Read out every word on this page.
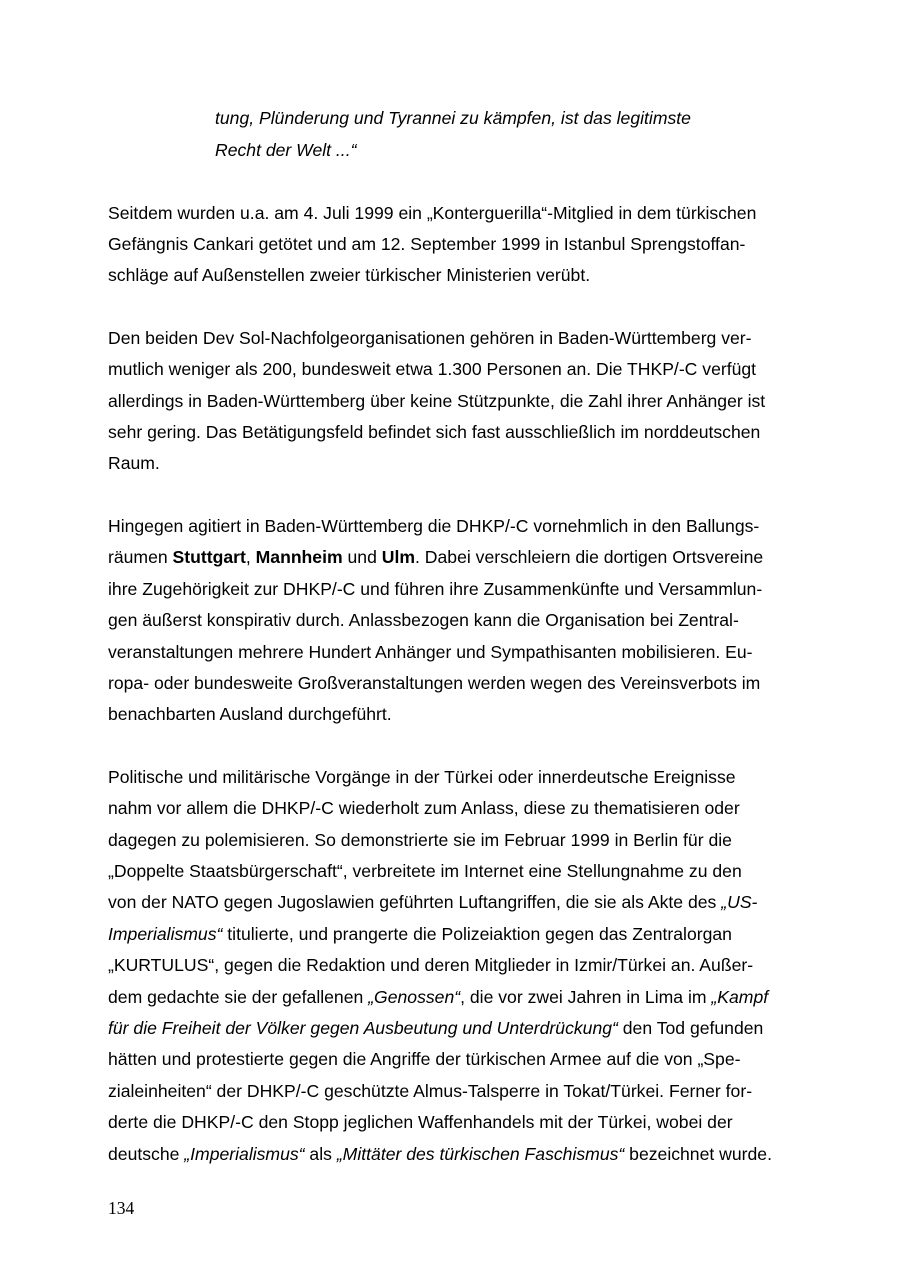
tung, Plünderung und Tyrannei zu kämpfen, ist das legitimste

Recht der Welt ...“

Seitdem wurden u.a. am 4. Juli 1999 ein „Konterguerilla“-Mitglied in dem türkischen

Gefängnis Cankari getötet und am 12. September 1999 in Istanbul Sprengstoffan-

schläge auf Außenstellen zweier türkischer Ministerien verübt.

Den beiden Dev Sol-Nachfolgeorganisationen gehören in Baden-Württemberg ver-

mutlich weniger als 200, bundesweit etwa 1.300 Personen an. Die THKP/-C verfügt

allerdings in Baden-Württemberg über keine Stützpunkte, die Zahl ihrer Anhänger ist

sehr gering. Das Betätigungsfeld befindet sich fast ausschließlich im norddeutschen

Raum.

Hingegen agitiert in Baden-Württemberg die DHKP/-C vornehmlich in den Ballungs-

räumen Stuttgart, Mannheim und Ulm. Dabei verschleiern die dortigen Ortsvereine

ihre Zugehörigkeit zur DHKP/-C und führen ihre Zusammenkünfte und Versammlun-

gen äußerst konspirativ durch. Anlassbezogen kann die Organisation bei Zentral-

veranstaltungen mehrere Hundert Anhänger und Sympathisanten mobilisieren. Eu-

ropa- oder bundesweite Großveranstaltungen werden wegen des Vereinsverbots im

benachbarten Ausland durchgeführt.

Politische und militärische Vorgänge in der Türkei oder innerdeutsche Ereignisse

nahm vor allem die DHKP/-C wiederholt zum Anlass, diese zu thematisieren oder

dagegen zu polemisieren. So demonstrierte sie im Februar 1999 in Berlin für die

„Doppelte Staatsbürgerschaft“, verbreitete im Internet eine Stellungnahme zu den

von der NATO gegen Jugoslawien geführten Luftangriffen, die sie als Akte des „US-

Imperialismus“ titulierte, und prangerte die Polizeiaktion gegen das Zentralorgan

„KURTULUS“, gegen die Redaktion und deren Mitglieder in Izmir/Türkei an. Außer-

dem gedachte sie der gefallenen „Genossen“, die vor zwei Jahren in Lima im „Kampf

für die Freiheit der Völker gegen Ausbeutung und Unterdrückung“ den Tod gefunden

hätten und protestierte gegen die Angriffe der türkischen Armee auf die von „Spe-

zialeinheiten“ der DHKP/-C geschützte Almus-Talsperre in Tokat/Türkei. Ferner for-

derte die DHKP/-C den Stopp jeglichen Waffenhandels mit der Türkei, wobei der

deutsche „Imperialismus“ als „Mittäter des türkischen Faschismus“ bezeichnet wurde.

134
